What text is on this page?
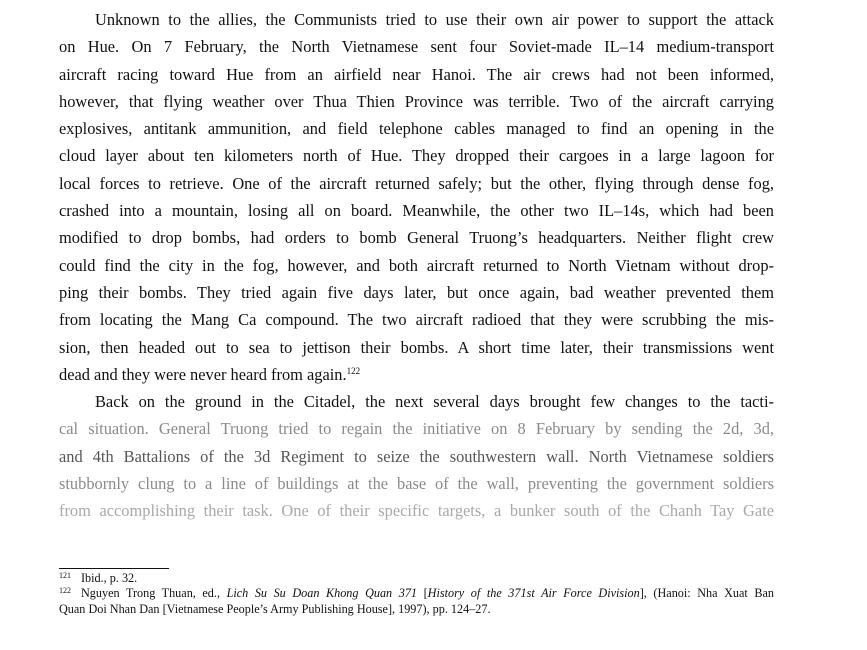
Unknown to the allies, the Communists tried to use their own air power to support the attack
on Hue. On 7 February, the North Vietnamese sent four Soviet-made IL–14 medium-transport
aircraft racing toward Hue from an airfield near Hanoi. The air crews had not been informed,
however, that flying weather over Thua Thien Province was terrible. Two of the aircraft carrying
explosives, antitank ammunition, and field telephone cables managed to find an opening in the
cloud layer about ten kilometers north of Hue. They dropped their cargoes in a large lagoon for
local forces to retrieve. One of the aircraft returned safely; but the other, flying through dense fog,
crashed into a mountain, losing all on board. Meanwhile, the other two IL–14s, which had been
modified to drop bombs, had orders to bomb General Truong’s headquarters. Neither flight crew
could find the city in the fog, however, and both aircraft returned to North Vietnam without drop-
ping their bombs. They tried again five days later, but once again, bad weather prevented them
from locating the Mang Ca compound. The two aircraft radioed that they were scrubbing the mis-
sion, then headed out to sea to jettison their bombs. A short time later, their transmissions went
dead and they were never heard from again.$^{122}$
Back on the ground in the Citadel, the next several days brought few changes to the tacti-
cal situation. General Truong tried to regain the initiative on 8 February by sending the 2d, 3d,
and 4th Battalions of the 3d Regiment to seize the southwestern wall. North Vietnamese soldiers
stubbornly clung to a line of buildings at the base of the wall, preventing the government soldiers
from accomplishing their task. One of their specific targets, a bunker south of the Chanh Tay Gate
121 Ibid., p. 32.
122 Nguyen Trong Thuan, ed., Lich Su Su Doan Khong Quan 371 [History of the 371st Air Force Division], (Hanoi: Nha Xuat Ban
Quan Doi Nhan Dan [Vietnamese People’s Army Publishing House], 1997), pp. 124–27.
